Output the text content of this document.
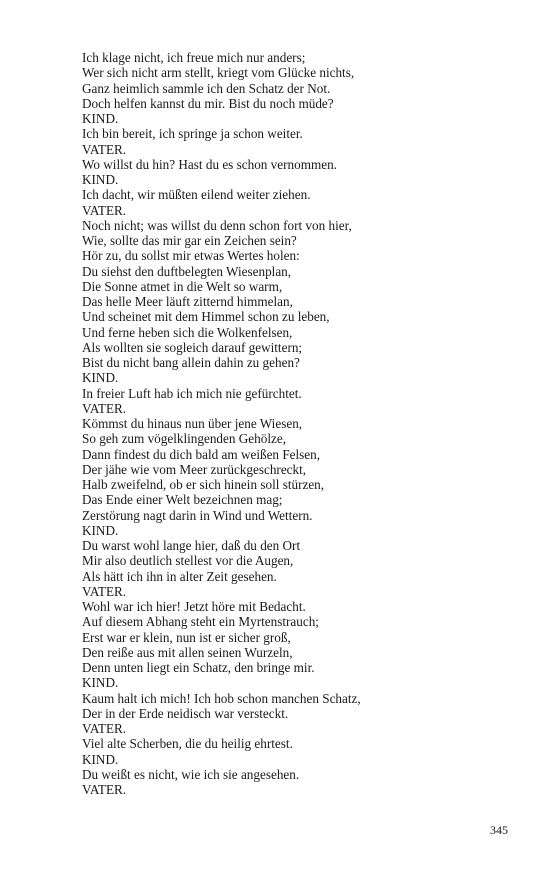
Ich klage nicht, ich freue mich nur anders;
Wer sich nicht arm stellt, kriegt vom Glücke nichts,
Ganz heimlich sammle ich den Schatz der Not.
Doch helfen kannst du mir. Bist du noch müde?
KIND.
Ich bin bereit, ich springe ja schon weiter.
VATER.
Wo willst du hin? Hast du es schon vernommen.
KIND.
Ich dacht, wir müßten eilend weiter ziehen.
VATER.
Noch nicht; was willst du denn schon fort von hier,
Wie, sollte das mir gar ein Zeichen sein?
Hör zu, du sollst mir etwas Wertes holen:
Du siehst den duftbelegten Wiesenplan,
Die Sonne atmet in die Welt so warm,
Das helle Meer läuft zitternd himmelan,
Und scheinet mit dem Himmel schon zu leben,
Und ferne heben sich die Wolkenfelsen,
Als wollten sie sogleich darauf gewittern;
Bist du nicht bang allein dahin zu gehen?
KIND.
In freier Luft hab ich mich nie gefürchtet.
VATER.
Kömmst du hinaus nun über jene Wiesen,
So geh zum vögelklingenden Gehölze,
Dann findest du dich bald am weißen Felsen,
Der jähe wie vom Meer zurückgeschreckt,
Halb zweifelnd, ob er sich hinein soll stürzen,
Das Ende einer Welt bezeichnen mag;
Zerstörung nagt darin in Wind und Wettern.
KIND.
Du warst wohl lange hier, daß du den Ort
Mir also deutlich stellest vor die Augen,
Als hätt ich ihn in alter Zeit gesehen.
VATER.
Wohl war ich hier! Jetzt höre mit Bedacht.
Auf diesem Abhang steht ein Myrtenstrauch;
Erst war er klein, nun ist er sicher groß,
Den reiße aus mit allen seinen Wurzeln,
Denn unten liegt ein Schatz, den bringe mir.
KIND.
Kaum halt ich mich! Ich hob schon manchen Schatz,
Der in der Erde neidisch war versteckt.
VATER.
Viel alte Scherben, die du heilig ehrtest.
KIND.
Du weißt es nicht, wie ich sie angesehen.
VATER.
345
